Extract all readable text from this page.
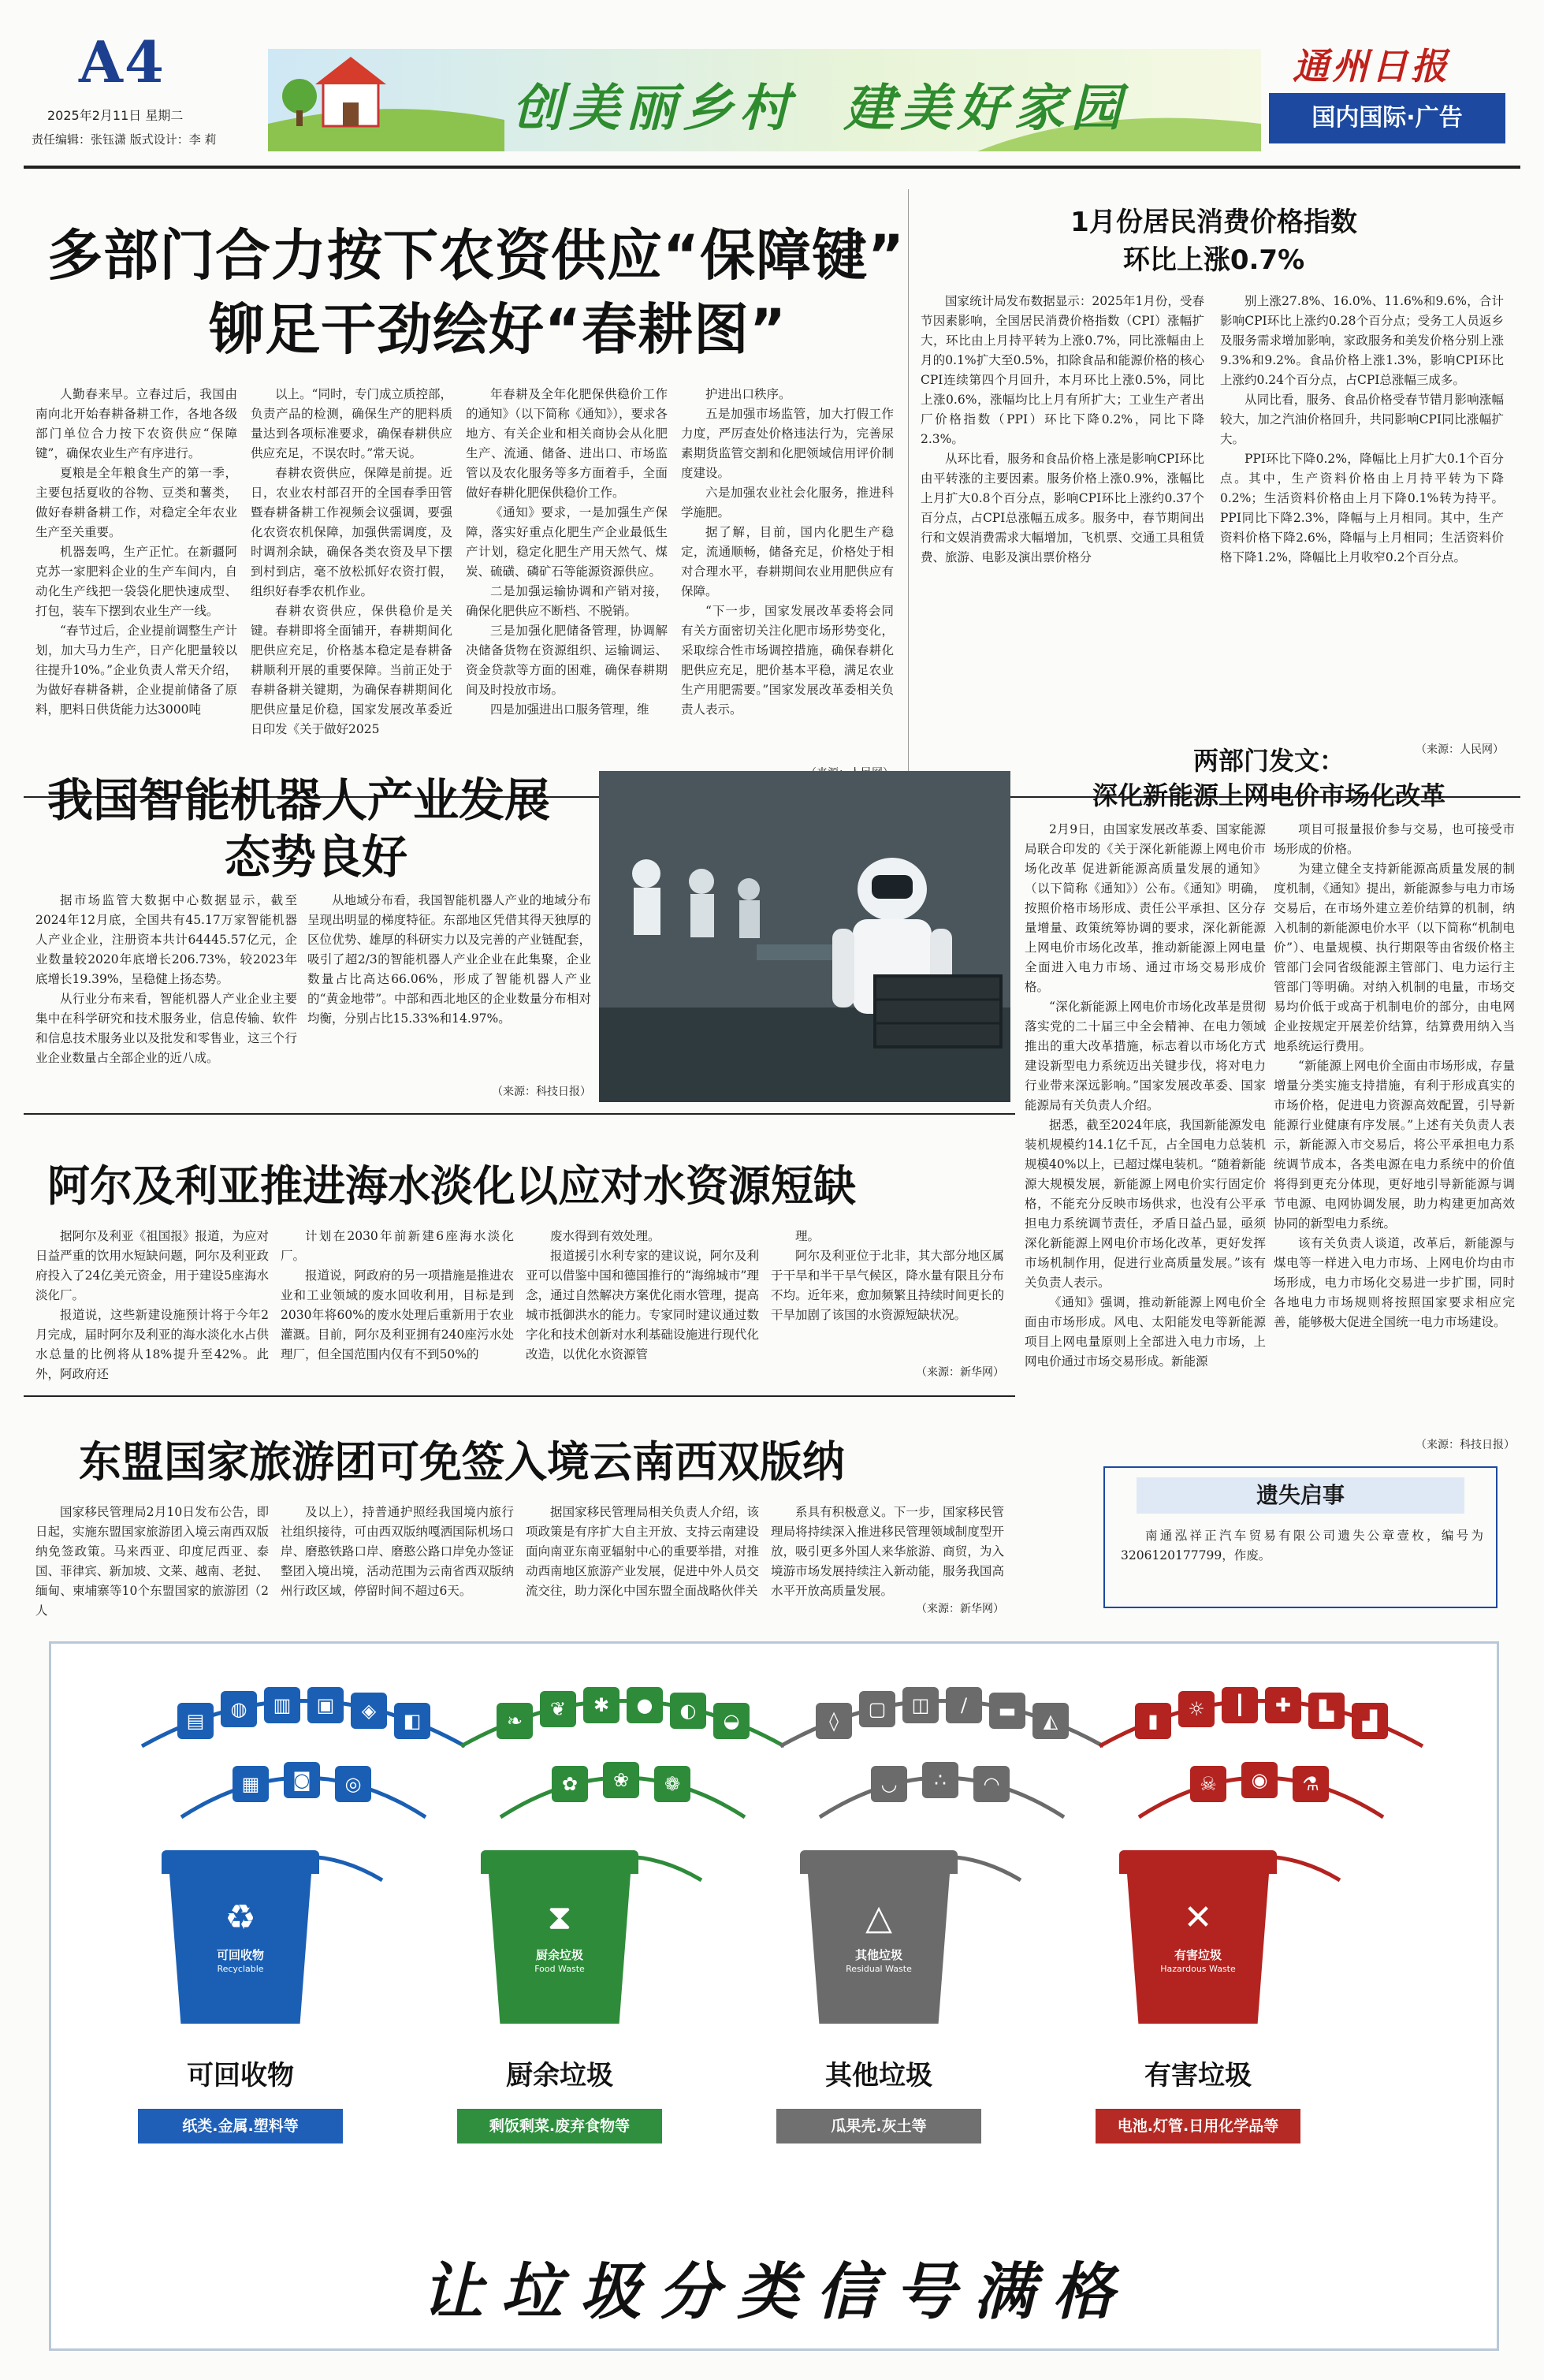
A4
2025年2月11日 星期二
责任编辑：张钰潇 版式设计：李 莉
创美丽乡村  建美好家园
通州日报
国内国际·广告
多部门合力按下农资供应“保障键”
铆足干劲绘好“春耕图”

人勤春来早。立春过后，我国由南向北开始春耕备耕工作，各地各级部门单位合力按下农资供应“保障键”，确保农业生产有序进行。

夏粮是全年粮食生产的第一季，主要包括夏收的谷物、豆类和薯类，做好春耕备耕工作，对稳定全年农业生产至关重要。

机器轰鸣，生产正忙。在新疆阿克苏一家肥料企业的生产车间内，自动化生产线把一袋袋化肥快速成型、打包，装车下摆到农业生产一线。

“春节过后，企业提前调整生产计划，加大马力生产，日产化肥量较以往提升10%。”企业负责人常天介绍，为做好春耕备耕，企业提前储备了原料，肥料日供货能力达3000吨

以上。“同时，专门成立质控部，负责产品的检测，确保生产的肥料质量达到各项标准要求，确保春耕供应供应充足，不误农时。”常天说。

春耕农资供应，保障是前提。近日，农业农村部召开的全国春季田管暨春耕备耕工作视频会议强调，要强化农资农机保障，加强供需调度，及时调剂余缺，确保各类农资及早下摆到村到店，毫不放松抓好农资打假，组织好春季农机作业。

春耕农资供应，保供稳价是关键。春耕即将全面铺开，春耕期间化肥供应充足，价格基本稳定是春耕备耕顺利开展的重要保障。当前正处于春耕备耕关键期，为确保春耕期间化肥供应量足价稳，国家发展改革委近日印发《关于做好2025

年春耕及全年化肥保供稳价工作的通知》（以下简称《通知》），要求各地方、有关企业和相关商协会从化肥生产、流通、储备、进出口、市场监管以及农化服务等多方面着手，全面做好春耕化肥保供稳价工作。

《通知》要求，一是加强生产保障，落实好重点化肥生产企业最低生产计划，稳定化肥生产用天然气、煤炭、硫磺、磷矿石等能源资源供应。

二是加强运输协调和产销对接，确保化肥供应不断档、不脱销。

三是加强化肥储备管理，协调解决储备货物在资源组织、运输调运、资金贷款等方面的困难，确保春耕期间及时投放市场。

四是加强进出口服务管理，维

护进出口秩序。

五是加强市场监管，加大打假工作力度，严厉查处价格违法行为，完善尿素期货监管交割和化肥领域信用评价制度建设。

六是加强农业社会化服务，推进科学施肥。

据了解，目前，国内化肥生产稳定，流通顺畅，储备充足，价格处于相对合理水平，春耕期间农业用肥供应有保障。

“下一步，国家发展改革委将会同有关方面密切关注化肥市场形势变化，采取综合性市场调控措施，确保春耕化肥供应充足，肥价基本平稳，满足农业生产用肥需要。”国家发展改革委相关负责人表示。

1月份居民消费价格指数
环比上涨0.7%

国家统计局发布数据显示：2025年1月份，受春节因素影响，全国居民消费价格指数（CPI）涨幅扩大，环比由上月持平转为上涨0.7%，同比涨幅由上月的0.1%扩大至0.5%，扣除食品和能源价格的核心CPI连续第四个月回升，本月环比上涨0.5%，同比上涨0.6%，涨幅均比上月有所扩大；工业生产者出厂价格指数（PPI）环比下降0.2%，同比下降2.3%。

从环比看，服务和食品价格上涨是影响CPI环比由平转涨的主要因素。服务价格上涨0.9%，涨幅比上月扩大0.8个百分点，影响CPI环比上涨约0.37个百分点，占CPI总涨幅五成多。服务中，春节期间出行和文娱消费需求大幅增加，飞机票、交通工具租赁费、旅游、电影及演出票价格分

别上涨27.8%、16.0%、11.6%和9.6%，合计影响CPI环比上涨约0.28个百分点；受务工人员返乡及服务需求增加影响，家政服务和美发价格分别上涨9.3%和9.2%。食品价格上涨1.3%，影响CPI环比上涨约0.24个百分点，占CPI总涨幅三成多。

从同比看，服务、食品价格受春节错月影响涨幅较大，加之汽油价格回升，共同影响CPI同比涨幅扩大。

PPI环比下降0.2%，降幅比上月扩大0.1个百分点。其中，生产资料价格由上月持平转为下降0.2%；生活资料价格由上月下降0.1%转为持平。PPI同比下降2.3%，降幅与上月相同。其中，生产资料价格下降2.6%，降幅与上月相同；生活资料价格下降1.2%，降幅比上月收窄0.2个百分点。

（来源：人民网）
我国智能机器人产业发展
态势良好

据市场监管大数据中心数据显示，截至2024年12月底，全国共有45.17万家智能机器人产业企业，注册资本共计64445.57亿元，企业数量较2020年底增长206.73%，较2023年底增长19.39%，呈稳健上扬态势。

从行业分布来看，智能机器人产业企业主要集中在科学研究和技术服务业，信息传输、软件和信息技术服务业以及批发和零售业，这三个行业企业数量占全部企业的近八成。

从地域分布看，我国智能机器人产业的地域分布呈现出明显的梯度特征。东部地区凭借其得天独厚的区位优势、雄厚的科研实力以及完善的产业链配套，吸引了超2/3的智能机器人产业企业在此集聚，企业数量占比高达66.06%，形成了智能机器人产业的“黄金地带”。中部和西北地区的企业数量分布相对均衡，分别占比15.33%和14.97%。

（来源：科技日报）
两部门发文：
深化新能源上网电价市场化改革

2月9日，由国家发展改革委、国家能源局联合印发的《关于深化新能源上网电价市场化改革 促进新能源高质量发展的通知》（以下简称《通知》）公布。《通知》明确，按照价格市场形成、责任公平承担、区分存量增量、政策统筹协调的要求，深化新能源上网电价市场化改革，推动新能源上网电量全面进入电力市场、通过市场交易形成价格。

“深化新能源上网电价市场化改革是贯彻落实党的二十届三中全会精神、在电力领域推出的重大改革措施，标志着以市场化方式建设新型电力系统迈出关键步伐，将对电力行业带来深远影响。”国家发展改革委、国家能源局有关负责人介绍。

据悉，截至2024年底，我国新能源发电装机规模约14.1亿千瓦，占全国电力总装机规模40%以上，已超过煤电装机。“随着新能源大规模发展，新能源上网电价实行固定价格，不能充分反映市场供求，也没有公平承担电力系统调节责任，矛盾日益凸显，亟须深化新能源上网电价市场化改革，更好发挥市场机制作用，促进行业高质量发展。”该有关负责人表示。

《通知》强调，推动新能源上网电价全面由市场形成。风电、太阳能发电等新能源项目上网电量原则上全部进入电力市场，上网电价通过市场交易形成。新能源

项目可报量报价参与交易，也可接受市场形成的价格。

为建立健全支持新能源高质量发展的制度机制，《通知》提出，新能源参与电力市场交易后，在市场外建立差价结算的机制，纳入机制的新能源电价水平（以下简称“机制电价”）、电量规模、执行期限等由省级价格主管部门会同省级能源主管部门、电力运行主管部门等明确。对纳入机制的电量，市场交易均价低于或高于机制电价的部分，由电网企业按规定开展差价结算，结算费用纳入当地系统运行费用。

“新能源上网电价全面由市场形成，存量增量分类实施支持措施，有利于形成真实的市场价格，促进电力资源高效配置，引导新能源行业健康有序发展。”上述有关负责人表示，新能源入市交易后，将公平承担电力系统调节成本，各类电源在电力系统中的价值将得到更充分体现，更好地引导新能源与调节电源、电网协调发展，助力构建更加高效协同的新型电力系统。

该有关负责人谈道，改革后，新能源与煤电等一样进入电力市场、上网电价均由市场形成，电力市场化交易进一步扩围，同时各地电力市场规则将按照国家要求相应完善，能够极大促进全国统一电力市场建设。

（来源：科技日报）
阿尔及利亚推进海水淡化以应对水资源短缺

据阿尔及利亚《祖国报》报道，为应对日益严重的饮用水短缺问题，阿尔及利亚政府投入了24亿美元资金，用于建设5座海水淡化厂。

报道说，这些新建设施预计将于今年2月完成，届时阿尔及利亚的海水淡化水占供水总量的比例将从18%提升至42%。此外，阿政府还

计划在2030年前新建6座海水淡化厂。

报道说，阿政府的另一项措施是推进农业和工业领域的废水回收利用，目标是到2030年将60%的废水处理后重新用于农业灌溉。目前，阿尔及利亚拥有240座污水处理厂，但全国范围内仅有不到50%的

废水得到有效处理。

报道援引水利专家的建议说，阿尔及利亚可以借鉴中国和德国推行的“海绵城市”理念，通过自然解决方案优化雨水管理，提高城市抵御洪水的能力。专家同时建议通过数字化和技术创新对水利基础设施进行现代化改造，以优化水资源管

理。

阿尔及利亚位于北非，其大部分地区属于干旱和半干旱气候区，降水量有限且分布不均。近年来，愈加频繁且持续时间更长的干旱加剧了该国的水资源短缺状况。

（来源：新华网）
东盟国家旅游团可免签入境云南西双版纳

国家移民管理局2月10日发布公告，即日起，实施东盟国家旅游团入境云南西双版纳免签政策。马来西亚、印度尼西亚、泰国、菲律宾、新加坡、文莱、越南、老挝、缅甸、柬埔寨等10个东盟国家的旅游团（2人

及以上），持普通护照经我国境内旅行社组织接待，可由西双版纳嘎洒国际机场口岸、磨憨铁路口岸、磨憨公路口岸免办签证整团入境出境，活动范围为云南省西双版纳州行政区域，停留时间不超过6天。

据国家移民管理局相关负责人介绍，该项政策是有序扩大自主开放、支持云南建设面向南亚东南亚辐射中心的重要举措，对推动西南地区旅游产业发展，促进中外人员交流交往，助力深化中国东盟全面战略伙伴关

系具有积极意义。下一步，国家移民管理局将持续深入推进移民管理领域制度型开放，吸引更多外国人来华旅游、商贸，为入境游市场发展持续注入新动能，服务我国高水平开放高质量发展。

（来源：新华网）
遗失启事
南通泓祥正汽车贸易有限公司遗失公章壹枚，编号为3206120177799，作废。
▤
◍	▥	▣	◈	◧
▦	◙	◎
❧
❦	✱	●	◐	◒
✿	❀	❁
◊
▢	◫	∕	▬	◭
◡	∴	◠
▮
☼	┃	✚	▙	▟
☠	◉	⚗
♻
可回收物
Recyclable
可回收物
纸类.金属.塑料等
⧗
厨余垃圾
Food Waste
厨余垃圾
剩饭剩菜.废弃食物等
△
其他垃圾
Residual Waste
其他垃圾
瓜果壳.灰土等
✕
有害垃圾
Hazardous Waste
有害垃圾
电池.灯管.日用化学品等
让垃圾分类信号满格
